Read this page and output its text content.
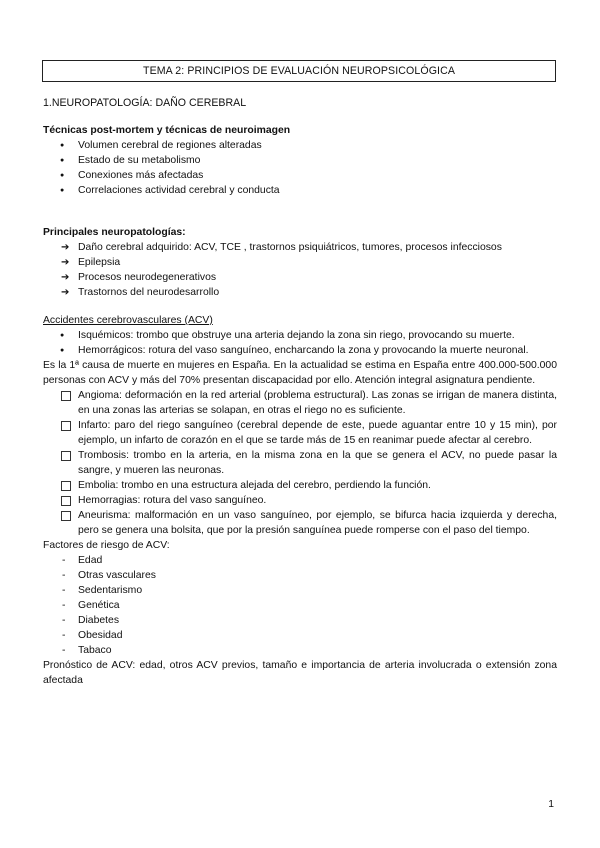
TEMA 2: PRINCIPIOS DE EVALUACIÓN NEUROPSICOLÓGICA

1.NEUROPATOLOGÍA: DAÑO CEREBRAL

Técnicas post-mortem y técnicas de neuroimagen

● Volumen cerebral de regiones alteradas
● Estado de su metabolismo
● Conexiones más afectadas
● Correlaciones actividad cerebral y conducta

Principales neuropatologías:

➔ Daño cerebral adquirido: ACV, TCE , trastornos psiquiátricos, tumores, procesos infecciosos
➔ Epilepsia
➔ Procesos neurodegenerativos
➔ Trastornos del neurodesarrollo

Accidentes cerebrovasculares (ACV)

● Isquémicos: trombo que obstruye una arteria dejando la zona sin riego, provocando su muerte.
● Hemorrágicos: rotura del vaso sanguíneo, encharcando la zona y provocando la muerte neuronal.

Es la 1ª causa de muerte en mujeres en España. En la actualidad se estima en España entre 400.000-500.000 personas con ACV y más del 70% presentan discapacidad por ello. Atención integral asignatura pendiente.

Angioma: deformación en la red arterial (problema estructural). Las zonas se irrigan de manera distinta, en una zonas las arterias se solapan, en otras el riego no es suficiente.
Infarto: paro del riego sanguíneo (cerebral depende de este, puede aguantar entre 10 y 15 min), por ejemplo, un infarto de corazón en el que se tarde más de 15 en reanimar puede afectar al cerebro.
Trombosis: trombo en la arteria, en la misma zona en la que se genera el ACV, no puede pasar la sangre, y mueren las neuronas.
Embolia: trombo en una estructura alejada del cerebro, perdiendo la función.
Hemorragias: rotura del vaso sanguíneo.
Aneurisma: malformación en un vaso sanguíneo, por ejemplo, se bifurca hacia izquierda y derecha, pero se genera una bolsita, que por la presión sanguínea puede romperse con el paso del tiempo.

Factores de riesgo de ACV:

- Edad
- Otras vasculares
- Sedentarismo
- Genética
- Diabetes
- Obesidad
- Tabaco

Pronóstico de ACV: edad, otros ACV previos, tamaño e importancia de arteria involucrada o extensión zona afectada

1
